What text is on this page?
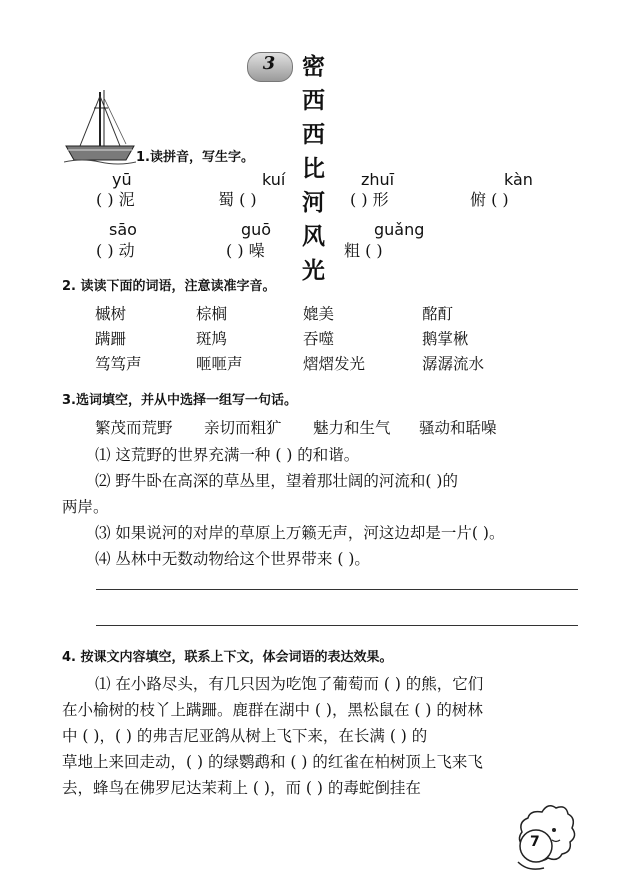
3	密西西比河风光
1.读拼音，写生字。
yū	kuí	zhuī	kàn
( ) 泥	蜀 ( )	( ) 形	俯 ( )
sāo	guō	guǎng
( ) 动	( ) 噪	粗 ( )
2. 读读下面的词语，注意读准字音。
槭树	棕榈	媲美	酩酊
蹒跚	斑鸠	吞噬	鹅掌楸
笃笃声	咂咂声	熠熠发光	潺潺流水
3.选词填空，并从中选择一组写一句话。
繁茂而荒野 亲切而粗犷 魅力和生气 骚动和聒噪
⑴ 这荒野的世界充满一种 ( ) 的和谐。
⑵ 野牛卧在高深的草丛里，望着那壮阔的河流和( )的
两岸。
⑶ 如果说河的对岸的草原上万籁无声，河这边却是一片( )。
⑷ 丛林中无数动物给这个世界带来 ( )。
4. 按课文内容填空，联系上下文，体会词语的表达效果。
⑴ 在小路尽头，有几只因为吃饱了葡萄而 ( ) 的熊，它们
在小榆树的枝丫上蹒跚。鹿群在湖中 ( )，黑松鼠在 ( ) 的树林
中 ( )，( ) 的弗吉尼亚鸽从树上飞下来，在长满 ( ) 的
草地上来回走动，( ) 的绿鹦鹉和 ( ) 的红雀在柏树顶上飞来飞
去，蜂鸟在佛罗尼达茉莉上 ( )，而 ( ) 的毒蛇倒挂在
7
